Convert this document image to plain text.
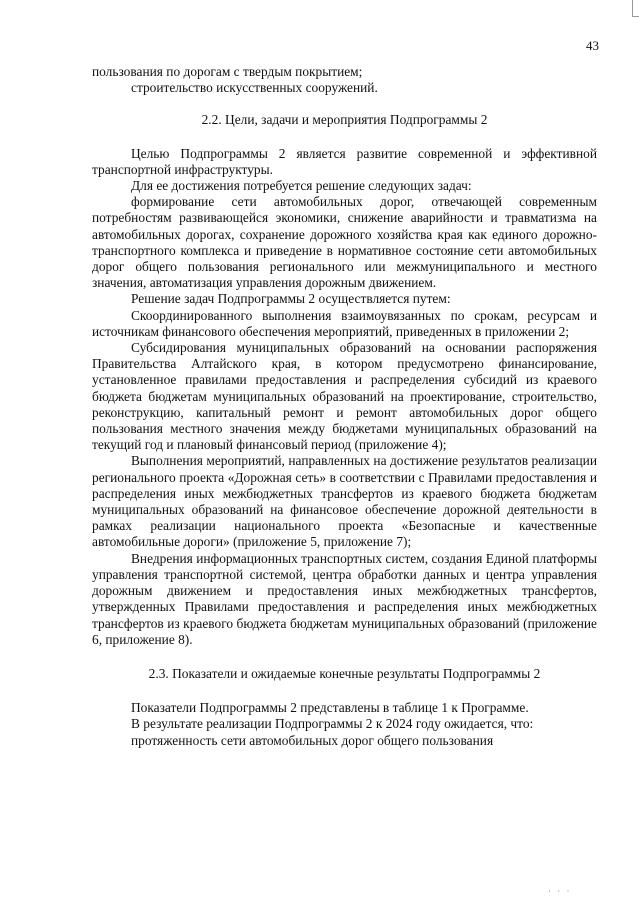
43

пользования по дорогам с твердым покрытием;

строительство искусственных сооружений.

2.2. Цели, задачи и мероприятия Подпрограммы 2

Целью Подпрограммы 2 является развитие современной и эффективной транспортной инфраструктуры.

Для ее достижения потребуется решение следующих задач:

формирование сети автомобильных дорог, отвечающей современным потребностям развивающейся экономики, снижение аварийности и травматизма на автомобильных дорогах, сохранение дорожного хозяйства края как единого дорожно-транспортного комплекса и приведение в нормативное состояние сети автомобильных дорог общего пользования регионального или межмуниципального и местного значения, автоматизация управления дорожным движением.

Решение задач Подпрограммы 2 осуществляется путем:

Скоординированного выполнения взаимоувязанных по срокам, ресурсам и источникам финансового обеспечения мероприятий, приведенных в приложении 2;

Субсидирования муниципальных образований на основании распоряжения Правительства Алтайского края, в котором предусмотрено финансирование, установленное правилами предоставления и распределения субсидий из краевого бюджета бюджетам муниципальных образований на проектирование, строительство, реконструкцию, капитальный ремонт и ремонт автомобильных дорог общего пользования местного значения между бюджетами муниципальных образований на текущий год и плановый финансовый период (приложение 4);

Выполнения мероприятий, направленных на достижение результатов реализации регионального проекта «Дорожная сеть» в соответствии с Правилами предоставления и распределения иных межбюджетных трансфертов из краевого бюджета бюджетам муниципальных образований на финансовое обеспечение дорожной деятельности в рамках реализации национального проекта «Безопасные и качественные автомобильные дороги» (приложение 5, приложение 7);

Внедрения информационных транспортных систем, создания Единой платформы управления транспортной системой, центра обработки данных и центра управления дорожным движением и предоставления иных межбюджетных трансфертов, утвержденных Правилами предоставления и распределения иных межбюджетных трансфертов из краевого бюджета бюджетам муниципальных образований (приложение 6, приложение 8).

2.3. Показатели и ожидаемые конечные результаты Подпрограммы 2

Показатели Подпрограммы 2 представлены в таблице 1 к Программе.

В результате реализации Подпрограммы 2 к 2024 году ожидается, что:

протяженность сети автомобильных дорог общего пользования

· · ·
